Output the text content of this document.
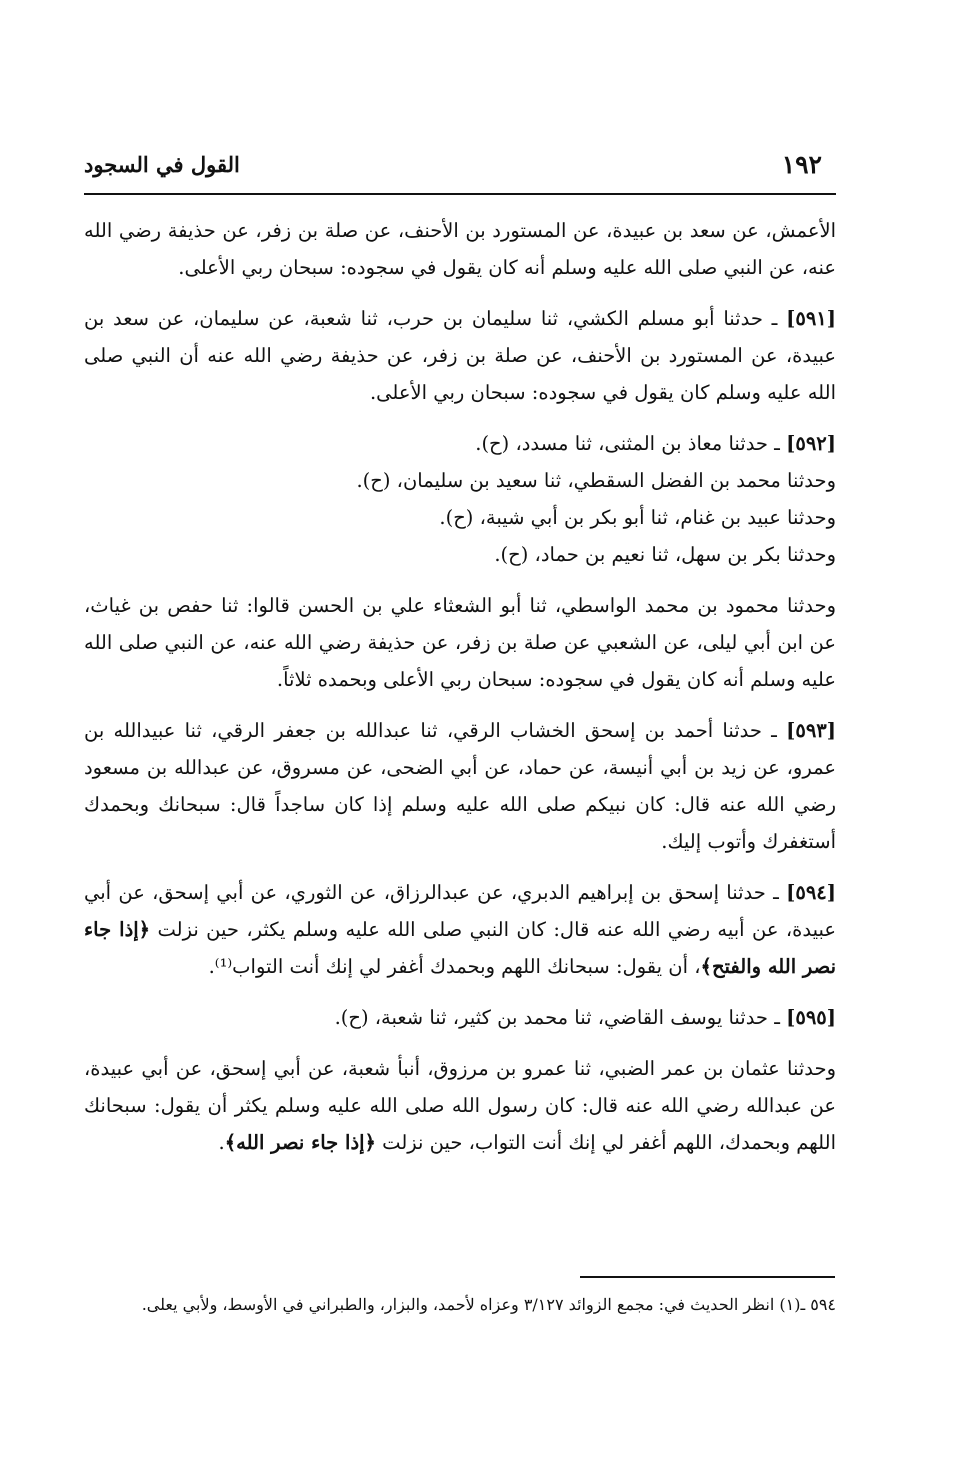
١٩٢
القول في السجود

الأعمش، عن سعد بن عبيدة، عن المستورد بن الأحنف، عن صلة بن زفر، عن حذيفة رضي الله عنه، عن النبي صلى الله عليه وسلم أنه كان يقول في سجوده: سبحان ربي الأعلى.

[٥٩١] ـ حدثنا أبو مسلم الكشي، ثنا سليمان بن حرب، ثنا شعبة، عن سليمان، عن سعد بن عبيدة، عن المستورد بن الأحنف، عن صلة بن زفر، عن حذيفة رضي الله عنه أن النبي صلى الله عليه وسلم كان يقول في سجوده: سبحان ربي الأعلى.

[٥٩٢] ـ حدثنا معاذ بن المثنى، ثنا مسدد، (ح).

وحدثنا محمد بن الفضل السقطي، ثنا سعيد بن سليمان، (ح).

وحدثنا عبيد بن غنام، ثنا أبو بكر بن أبي شيبة، (ح).

وحدثنا بكر بن سهل، ثنا نعيم بن حماد، (ح).

وحدثنا محمود بن محمد الواسطي، ثنا أبو الشعثاء علي بن الحسن قالوا: ثنا حفص بن غياث، عن ابن أبي ليلى، عن الشعبي عن صلة بن زفر، عن حذيفة رضي الله عنه، عن النبي صلى الله عليه وسلم أنه كان يقول في سجوده: سبحان ربي الأعلى وبحمده ثلاثاً.

[٥٩٣] ـ حدثنا أحمد بن إسحق الخشاب الرقي، ثنا عبدالله بن جعفر الرقي، ثنا عبيدالله بن عمرو، عن زيد بن أبي أنيسة، عن حماد، عن أبي الضحى، عن مسروق، عن عبدالله بن مسعود رضي الله عنه قال: كان نبيكم صلى الله عليه وسلم إذا كان ساجداً قال: سبحانك وبحمدك أستغفرك وأتوب إليك.

[٥٩٤] ـ حدثنا إسحق بن إبراهيم الدبري، عن عبدالرزاق، عن الثوري، عن أبي إسحق، عن أبي عبيدة، عن أبيه رضي الله عنه قال: كان النبي صلى الله عليه وسلم يكثر، حين نزلت ﴿إذا جاء نصر الله والفتح﴾، أن يقول: سبحانك اللهم وبحمدك أغفر لي إنك أنت التواب⁽¹⁾.

[٥٩٥] ـ حدثنا يوسف القاضي، ثنا محمد بن كثير، ثنا شعبة، (ح).

وحدثنا عثمان بن عمر الضبي، ثنا عمرو بن مرزوق، أنبأ شعبة، عن أبي إسحق، عن أبي عبيدة، عن عبدالله رضي الله عنه قال: كان رسول الله صلى الله عليه وسلم يكثر أن يقول: سبحانك اللهم وبحمدك، اللهم أغفر لي إنك أنت التواب، حين نزلت ﴿إذا جاء نصر الله﴾.

٥٩٤ ـ(١) انظر الحديث في: مجمع الزوائد ٣/١٢٧ وعزاه لأحمد، والبزار، والطبراني في الأوسط، ولأبي يعلى.
